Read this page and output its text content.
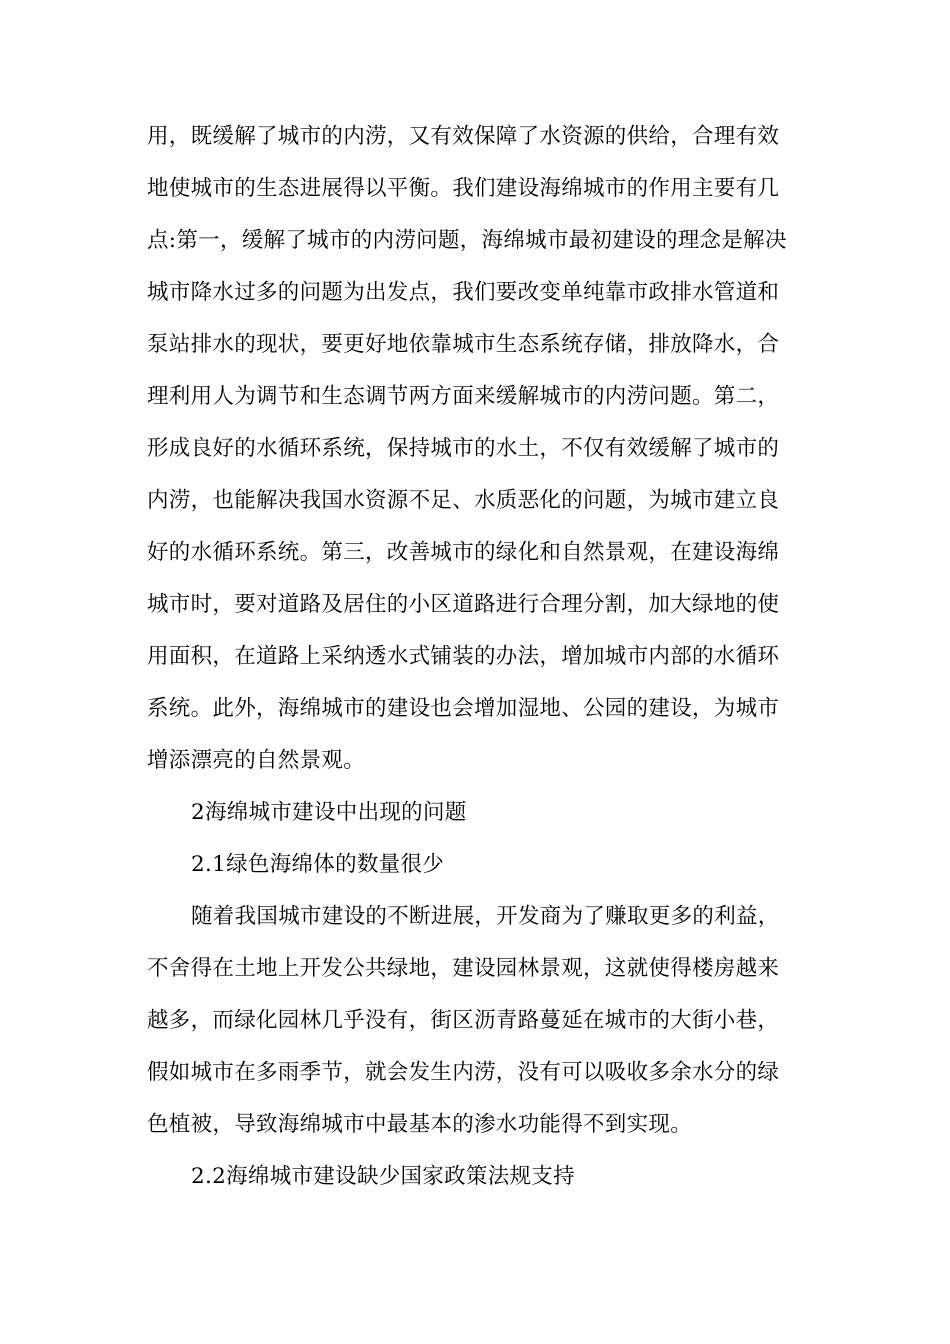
用，既缓解了城市的内涝，又有效保障了水资源的供给，合理有效
地使城市的生态进展得以平衡。我们建设海绵城市的作用主要有几
点:第一，缓解了城市的内涝问题，海绵城市最初建设的理念是解决
城市降水过多的问题为出发点，我们要改变单纯靠市政排水管道和
泵站排水的现状，要更好地依靠城市生态系统存储，排放降水，合
理利用人为调节和生态调节两方面来缓解城市的内涝问题。第二，
形成良好的水循环系统，保持城市的水土，不仅有效缓解了城市的
内涝，也能解决我国水资源不足、水质恶化的问题，为城市建立良
好的水循环系统。第三，改善城市的绿化和自然景观，在建设海绵
城市时，要对道路及居住的小区道路进行合理分割，加大绿地的使
用面积，在道路上采纳透水式铺装的办法，增加城市内部的水循环
系统。此外，海绵城市的建设也会增加湿地、公园的建设，为城市
增添漂亮的自然景观。
2海绵城市建设中出现的问题
2.1绿色海绵体的数量很少
随着我国城市建设的不断进展，开发商为了赚取更多的利益，
不舍得在土地上开发公共绿地，建设园林景观，这就使得楼房越来
越多，而绿化园林几乎没有，街区沥青路蔓延在城市的大街小巷，
假如城市在多雨季节，就会发生内涝，没有可以吸收多余水分的绿
色植被，导致海绵城市中最基本的渗水功能得不到实现。
2.2海绵城市建设缺少国家政策法规支持
